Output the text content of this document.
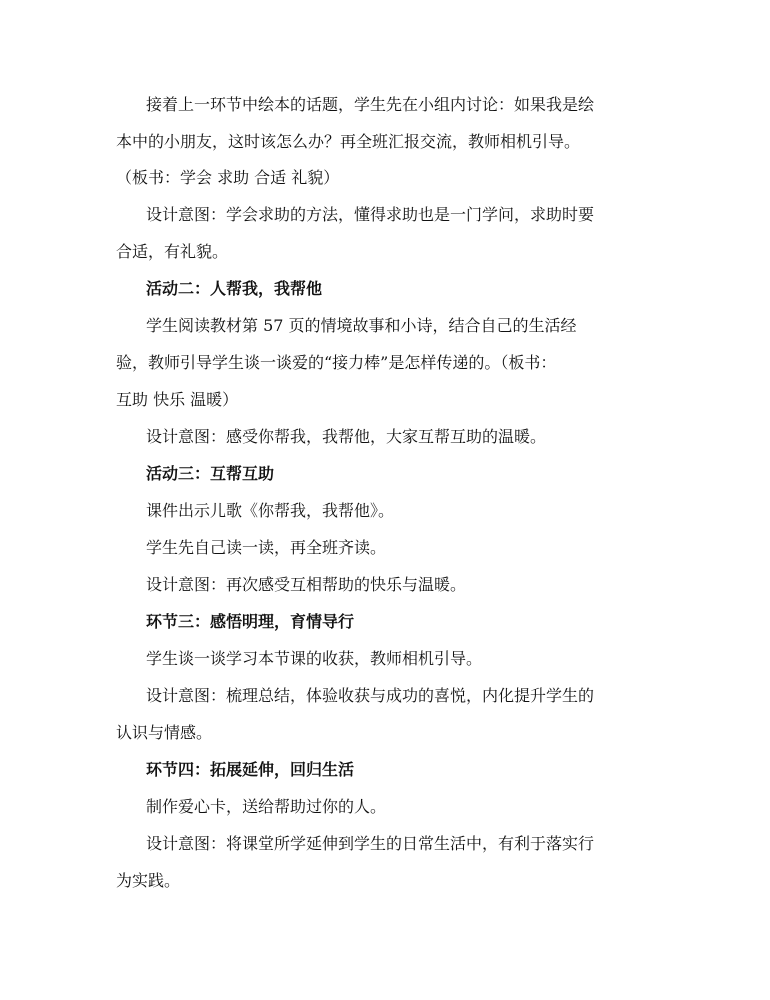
接着上一环节中绘本的话题，学生先在小组内讨论：如果我是绘
本中的小朋友，这时该怎么办？再全班汇报交流，教师相机引导。
（板书：学会 求助 合适 礼貌）
设计意图：学会求助的方法，懂得求助也是一门学问，求助时要
合适，有礼貌。
活动二：人帮我，我帮他
学生阅读教材第 57 页的情境故事和小诗，结合自己的生活经
验，教师引导学生谈一谈爱的“接力棒”是怎样传递的。（板书：
互助 快乐 温暖）
设计意图：感受你帮我，我帮他，大家互帮互助的温暖。
活动三：互帮互助
课件出示儿歌《你帮我，我帮他》。
学生先自己读一读，再全班齐读。
设计意图：再次感受互相帮助的快乐与温暖。
环节三：感悟明理，育情导行
学生谈一谈学习本节课的收获，教师相机引导。
设计意图：梳理总结，体验收获与成功的喜悦，内化提升学生的
认识与情感。
环节四：拓展延伸，回归生活
制作爱心卡，送给帮助过你的人。
设计意图：将课堂所学延伸到学生的日常生活中，有利于落实行
为实践。
